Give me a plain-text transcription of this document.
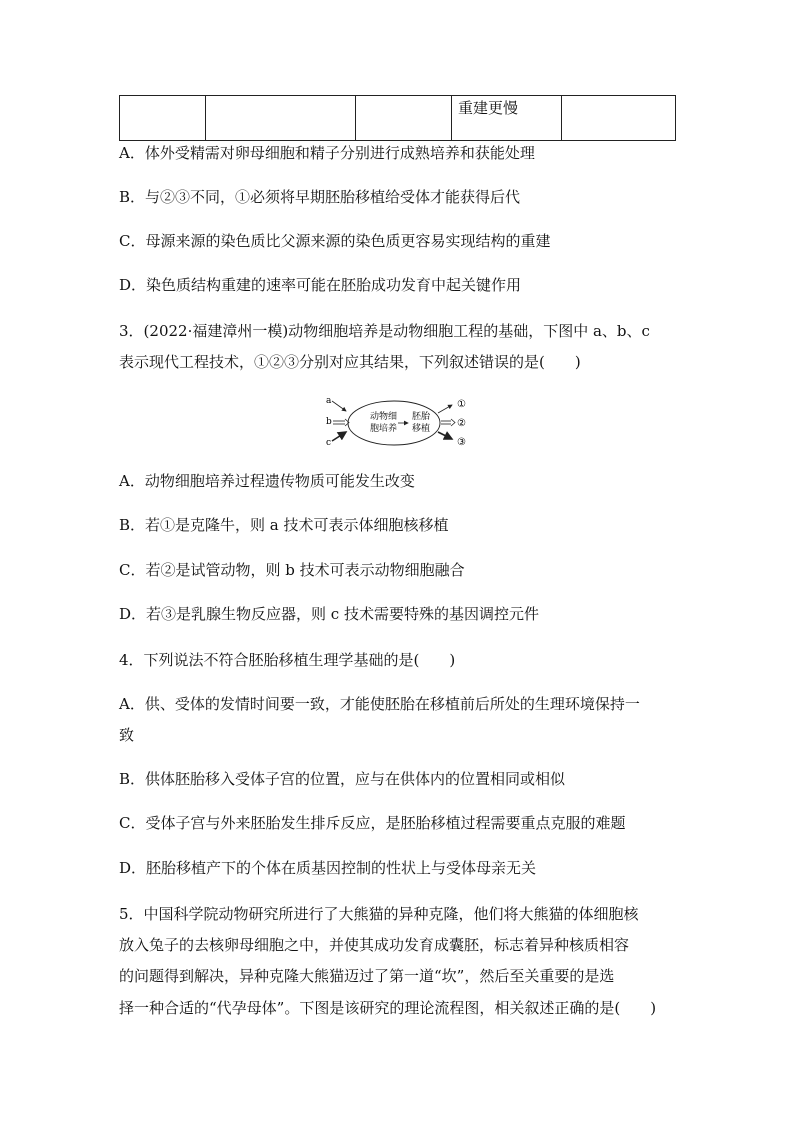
			重建更慢	
A．体外受精需对卵母细胞和精子分别进行成熟培养和获能处理
B．与②③不同，①必须将早期胚胎移植给受体才能获得后代
C．母源来源的染色质比父源来源的染色质更容易实现结构的重建
D．染色质结构重建的速率可能在胚胎成功发育中起关键作用
3．(2022·福建漳州一模)动物细胞培养是动物细胞工程的基础，下图中 a、b、c
表示现代工程技术，①②③分别对应其结果，下列叙述错误的是(　　)
a
b
c
动物细
胞培养
胚胎
移植
①
②
③
A．动物细胞培养过程遗传物质可能发生改变
B．若①是克隆牛，则 a 技术可表示体细胞核移植
C．若②是试管动物，则 b 技术可表示动物细胞融合
D．若③是乳腺生物反应器，则 c 技术需要特殊的基因调控元件
4．下列说法不符合胚胎移植生理学基础的是(　　)
A．供、受体的发情时间要一致，才能使胚胎在移植前后所处的生理环境保持一
致
B．供体胚胎移入受体子宫的位置，应与在供体内的位置相同或相似
C．受体子宫与外来胚胎发生排斥反应，是胚胎移植过程需要重点克服的难题
D．胚胎移植产下的个体在质基因控制的性状上与受体母亲无关
5．中国科学院动物研究所进行了大熊猫的异种克隆，他们将大熊猫的体细胞核
放入兔子的去核卵母细胞之中，并使其成功发育成囊胚，标志着异种核质相容
的问题得到解决，异种克隆大熊猫迈过了第一道“坎”，然后至关重要的是选
择一种合适的“代孕母体”。下图是该研究的理论流程图，相关叙述正确的是(　　)
